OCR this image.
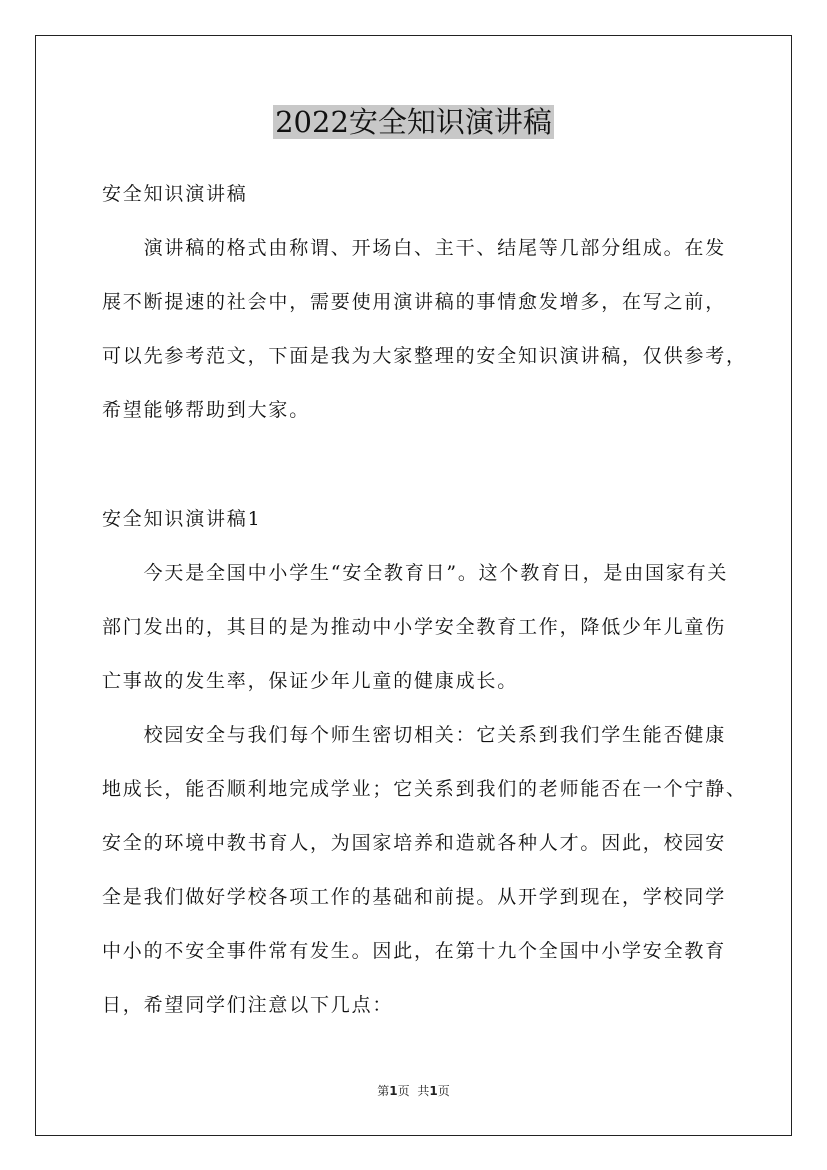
2022安全知识演讲稿
安全知识演讲稿
　　演讲稿的格式由称谓、开场白、主干、结尾等几部分组成。在发
展不断提速的社会中，需要使用演讲稿的事情愈发增多，在写之前，
可以先参考范文，下面是我为大家整理的安全知识演讲稿，仅供参考，
希望能够帮助到大家。
安全知识演讲稿1
　　今天是全国中小学生“安全教育日”。这个教育日，是由国家有关
部门发出的，其目的是为推动中小学安全教育工作，降低少年儿童伤
亡事故的发生率，保证少年儿童的健康成长。
　　校园安全与我们每个师生密切相关：它关系到我们学生能否健康
地成长，能否顺利地完成学业；它关系到我们的老师能否在一个宁静、
安全的环境中教书育人，为国家培养和造就各种人才。因此，校园安
全是我们做好学校各项工作的基础和前提。从开学到现在，学校同学
中小的不安全事件常有发生。因此，在第十九个全国中小学安全教育
日，希望同学们注意以下几点：
第1页 共1页
